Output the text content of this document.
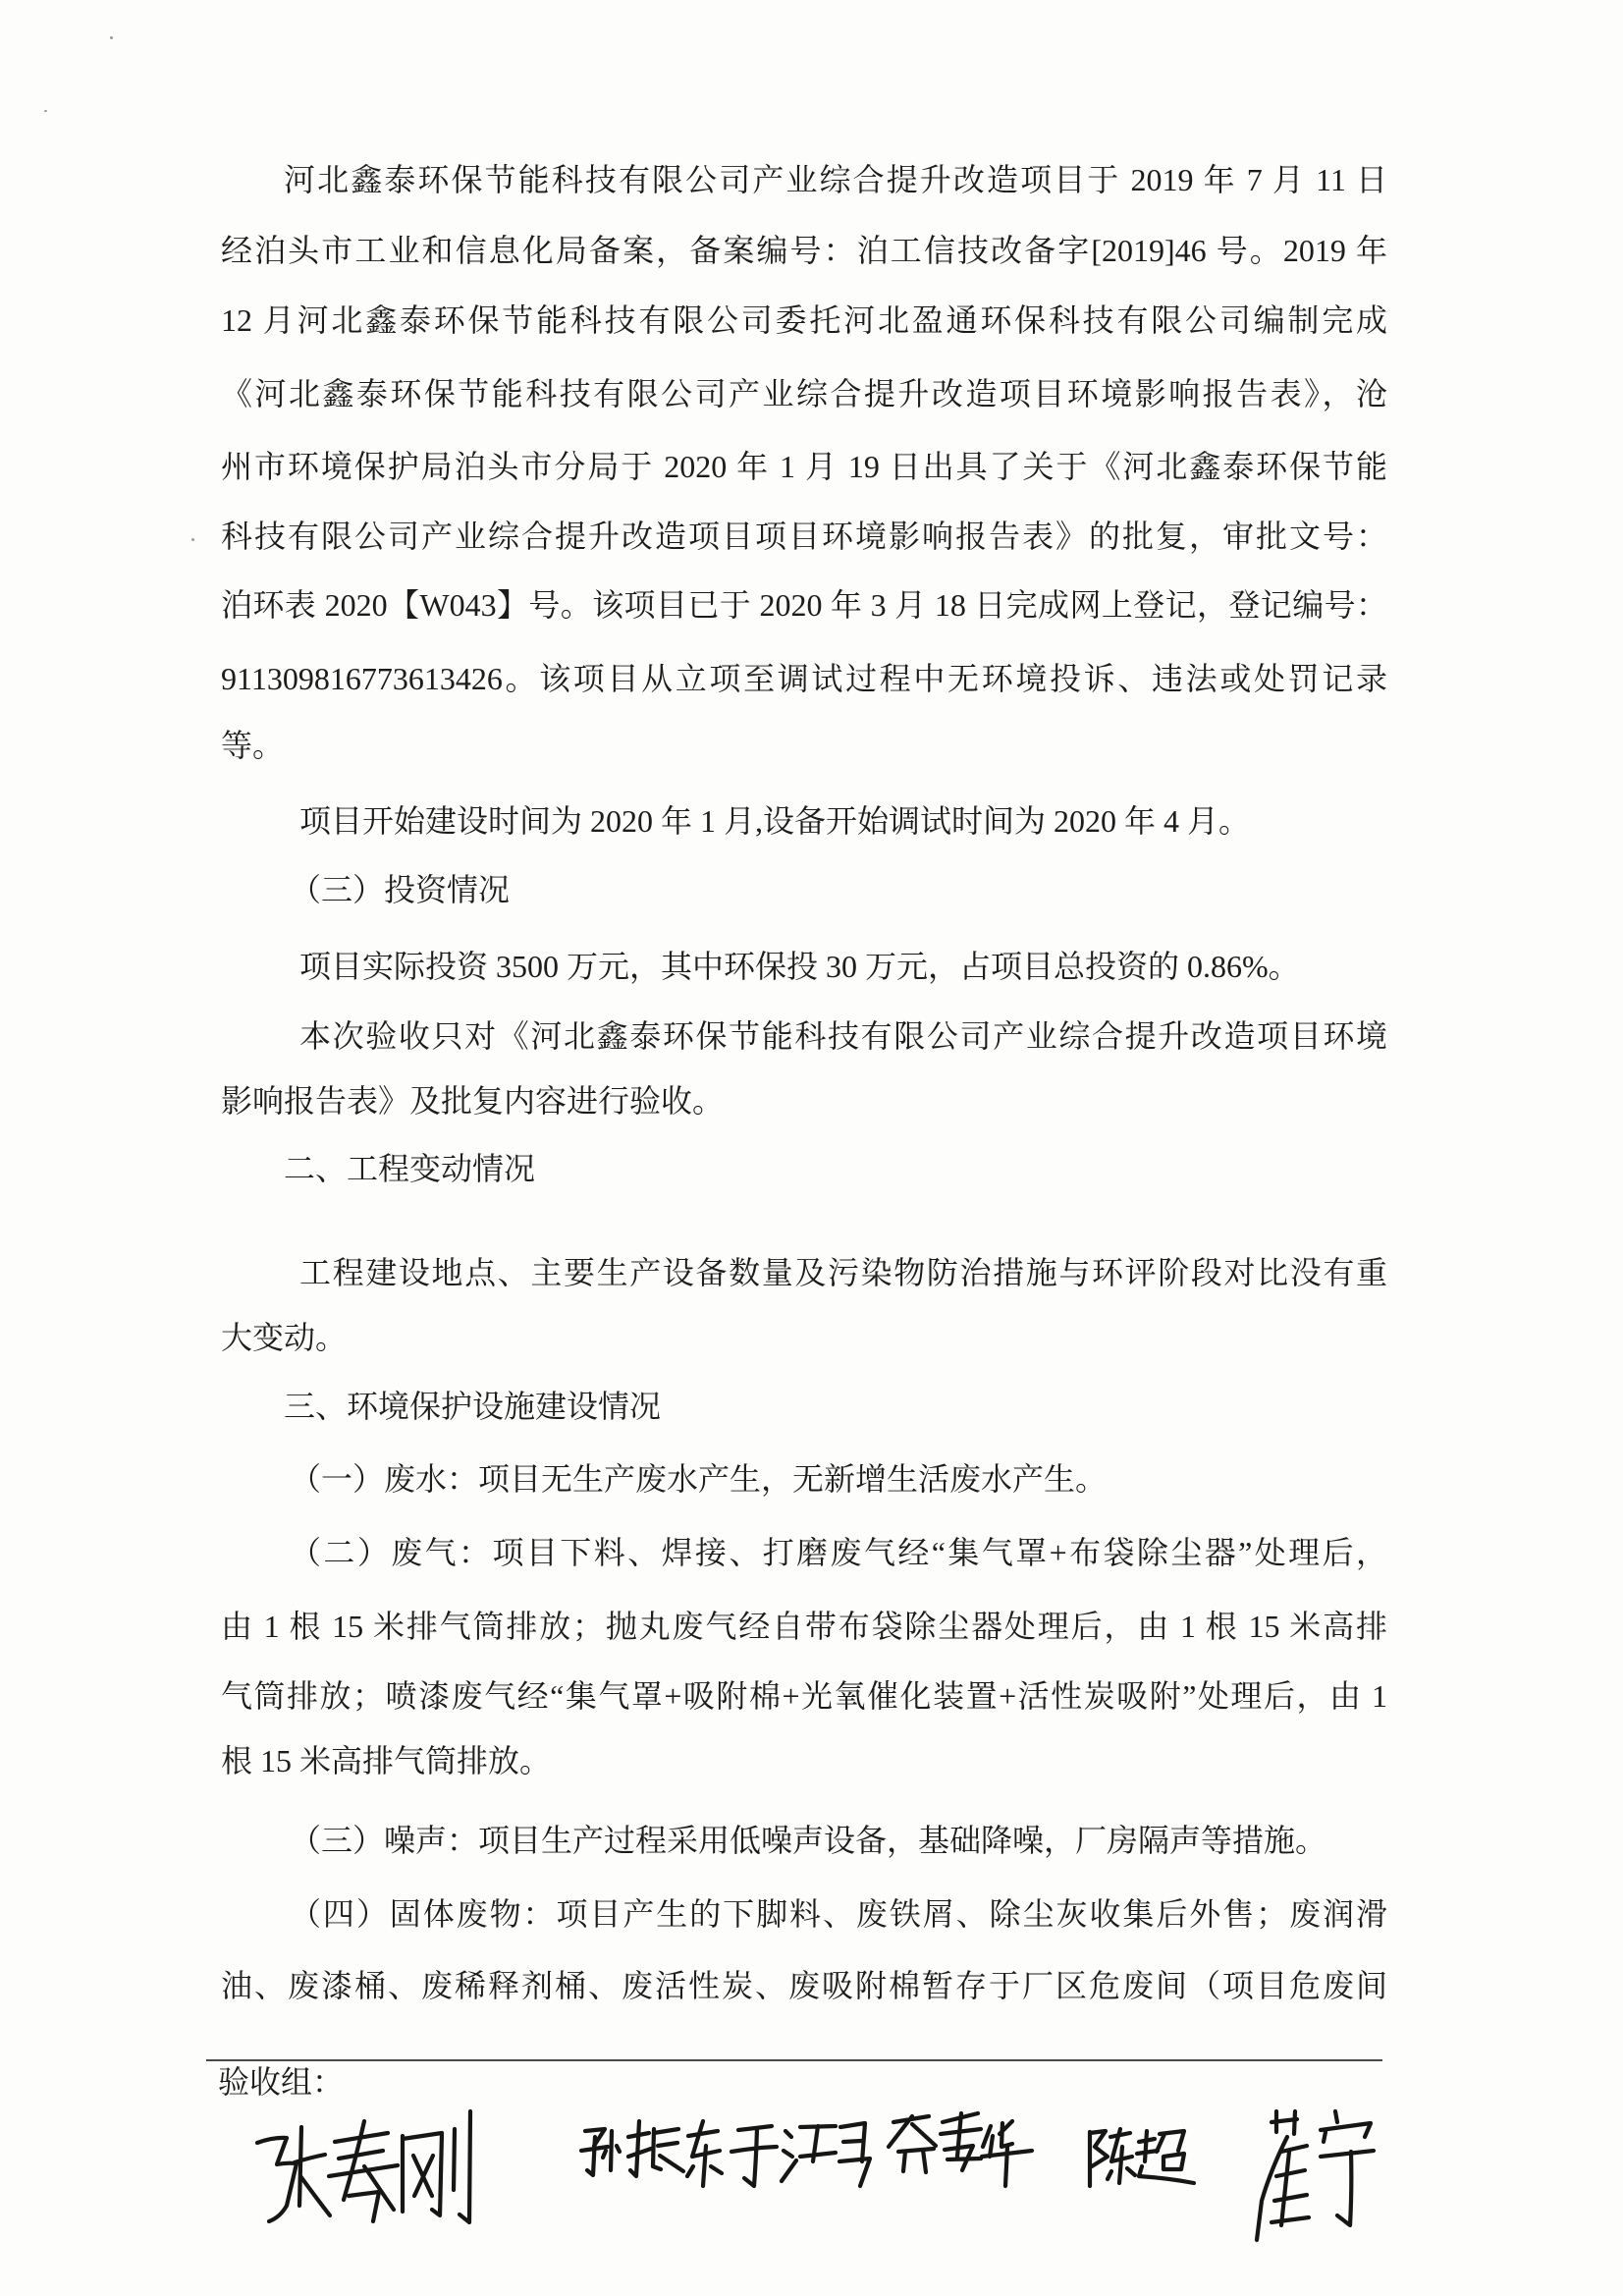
河北鑫泰环保节能科技有限公司产业综合提升改造项目于 2019 年 7 月 11 日
经泊头市工业和信息化局备案，备案编号：泊工信技改备字[2019]46 号。2019 年
12 月河北鑫泰环保节能科技有限公司委托河北盈通环保科技有限公司编制完成
《河北鑫泰环保节能科技有限公司产业综合提升改造项目环境影响报告表》，沧
州市环境保护局泊头市分局于 2020 年 1 月 19 日出具了关于《河北鑫泰环保节能
科技有限公司产业综合提升改造项目项目环境影响报告表》的批复，审批文号：
泊环表 2020【W043】号。该项目已于 2020 年 3 月 18 日完成网上登记，登记编号：
911309816773613426。该项目从立项至调试过程中无环境投诉、违法或处罚记录
等。
项目开始建设时间为 2020 年 1 月,设备开始调试时间为 2020 年 4 月。
（三）投资情况
项目实际投资 3500 万元，其中环保投 30 万元，占项目总投资的 0.86%。
本次验收只对《河北鑫泰环保节能科技有限公司产业综合提升改造项目环境
影响报告表》及批复内容进行验收。
二、工程变动情况
工程建设地点、主要生产设备数量及污染物防治措施与环评阶段对比没有重
大变动。
三、环境保护设施建设情况
（一）废水：项目无生产废水产生，无新增生活废水产生。
（二）废气：项目下料、焊接、打磨废气经“集气罩+布袋除尘器”处理后，
由 1 根 15 米排气筒排放；抛丸废气经自带布袋除尘器处理后，由 1 根 15 米高排
气筒排放；喷漆废气经“集气罩+吸附棉+光氧催化装置+活性炭吸附”处理后，由 1
根 15 米高排气筒排放。
（三）噪声：项目生产过程采用低噪声设备，基础降噪，厂房隔声等措施。
（四）固体废物：项目产生的下脚料、废铁屑、除尘灰收集后外售；废润滑
油、废漆桶、废稀释剂桶、废活性炭、废吸附棉暂存于厂区危废间（项目危废间
验收组：
